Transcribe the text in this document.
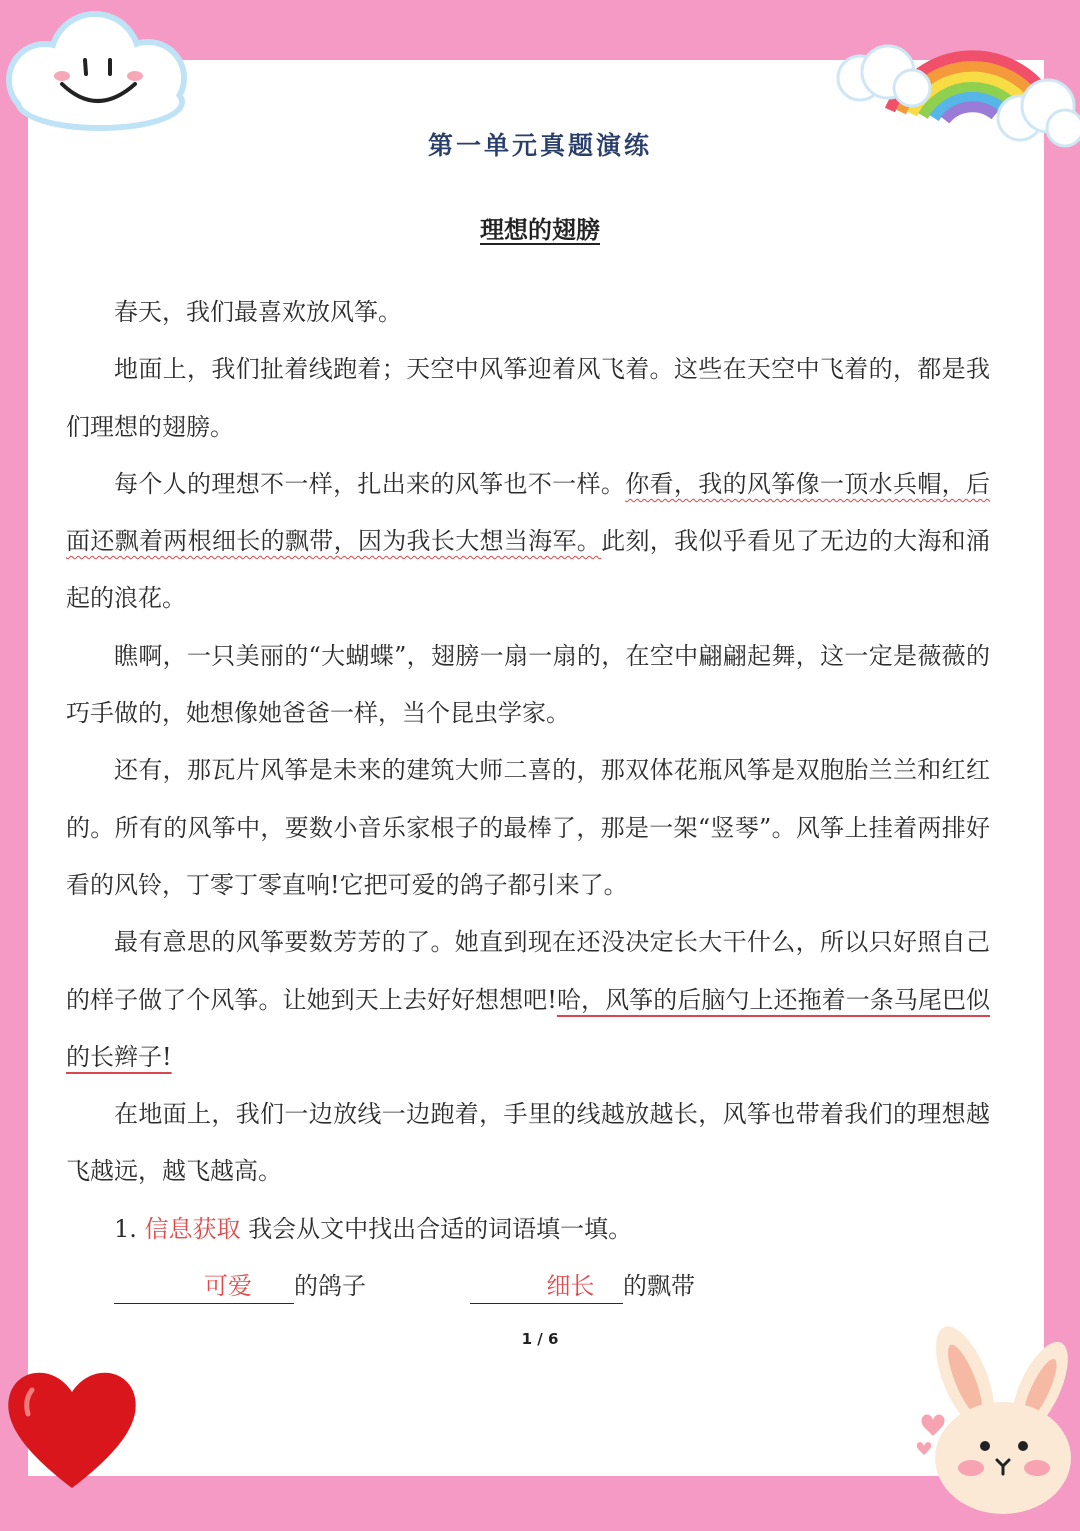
第一单元真题演练
理想的翅膀

春天，我们最喜欢放风筝。

地面上，我们扯着线跑着；天空中风筝迎着风飞着。这些在天空中飞着的，都是我们理想的翅膀。

每个人的理想不一样，扎出来的风筝也不一样。你看，我的风筝像一顶水兵帽，后面还飘着两根细长的飘带，因为我长大想当海军。此刻，我似乎看见了无边的大海和涌起的浪花。

瞧啊，一只美丽的“大蝴蝶”，翅膀一扇一扇的，在空中翩翩起舞，这一定是薇薇的巧手做的，她想像她爸爸一样，当个昆虫学家。

还有，那瓦片风筝是未来的建筑大师二喜的，那双体花瓶风筝是双胞胎兰兰和红红的。所有的风筝中，要数小音乐家根子的最棒了，那是一架“竖琴”。风筝上挂着两排好看的风铃，丁零丁零直响!它把可爱的鸽子都引来了。

最有意思的风筝要数芳芳的了。她直到现在还没决定长大干什么，所以只好照自己的样子做了个风筝。让她到天上去好好想想吧!哈，风筝的后脑勺上还拖着一条马尾巴似的长辫子!

在地面上，我们一边放线一边跑着，手里的线越放越长，风筝也带着我们的理想越飞越远，越飞越高。

1. 信息获取 我会从文中找出合适的词语填一填。

可爱 的鸽子	细长 的飘带

1 / 6
